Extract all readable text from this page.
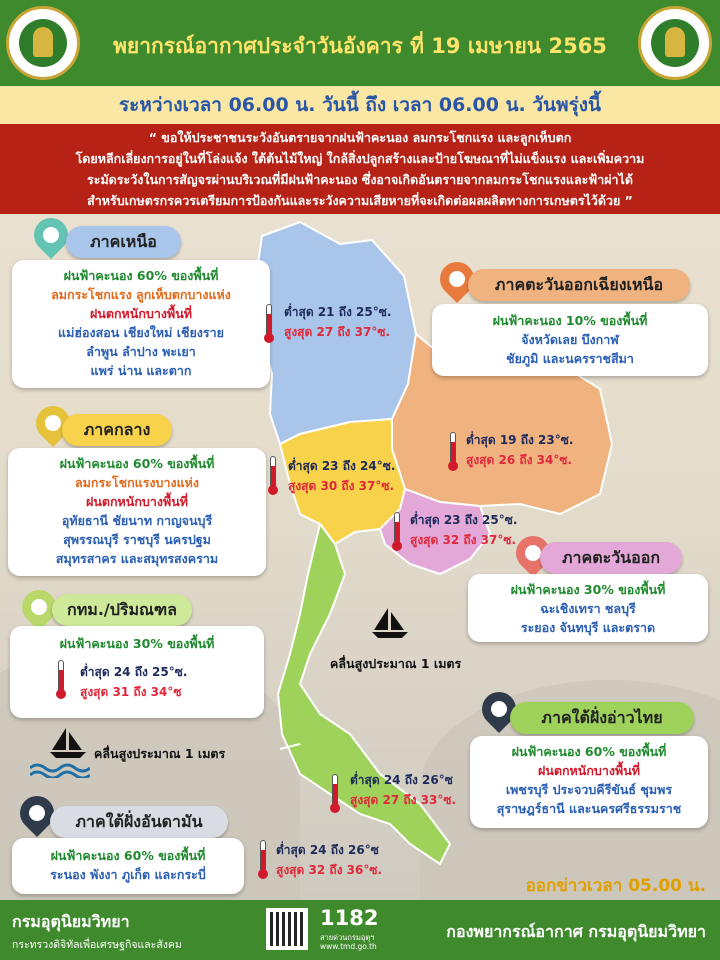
พยากรณ์อากาศประจำวันอังคาร ที่ 19 เมษายน 2565
ระหว่างเวลา 06.00 น. วันนี้ ถึง เวลา 06.00 น. วันพรุ่งนี้
“ ขอให้ประชาชนระวังอันตรายจากฝนฟ้าคะนอง ลมกระโชกแรง และลูกเห็บตก
โดยหลีกเลี่ยงการอยู่ในที่โล่งแจ้ง ใต้ต้นไม้ใหญ่ ใกล้สิ่งปลูกสร้างและป้ายโฆษณาที่ไม่แข็งแรง และเพิ่มความ
ระมัดระวังในการสัญจรผ่านบริเวณที่มีฝนฟ้าคะนอง ซึ่งอาจเกิดอันตรายจากลมกระโชกแรงและฟ้าผ่าได้
สำหรับเกษตรกรควรเตรียมการป้องกันและระวังความเสียหายที่จะเกิดต่อผลผลิตทางการเกษตรไว้ด้วย ”
ภาคเหนือ
ฝนฟ้าคะนอง 60% ของพื้นที่
ลมกระโชกแรง ลูกเห็บตกบางแห่ง
ฝนตกหนักบางพื้นที่
แม่ฮ่องสอน เชียงใหม่ เชียงราย
ลำพูน ลำปาง พะเยา
แพร่ น่าน และตาก
ต่ำสุด 21 ถึง 25°ซ.
สูงสุด 27 ถึง 37°ซ.
ภาคตะวันออกเฉียงเหนือ
ฝนฟ้าคะนอง 10% ของพื้นที่
จังหวัดเลย บึงกาฬ
ชัยภูมิ และนครราชสีมา
ต่ำสุด 19 ถึง 23°ซ.
สูงสุด 26 ถึง 34°ซ.
ภาคกลาง
ฝนฟ้าคะนอง 60% ของพื้นที่
ลมกระโชกแรงบางแห่ง
ฝนตกหนักบางพื้นที่
อุทัยธานี ชัยนาท กาญจนบุรี
สุพรรณบุรี ราชบุรี นครปฐม
สมุทรสาคร และสมุทรสงคราม
ต่ำสุด 23 ถึง 24°ซ.
สูงสุด 30 ถึง 37°ซ.
ต่ำสุด 23 ถึง 25°ซ.
สูงสุด 32 ถึง 37°ซ.
ภาคตะวันออก
ฝนฟ้าคะนอง 30% ของพื้นที่
ฉะเชิงเทรา ชลบุรี
ระยอง จันทบุรี และตราด
กทม./ปริมณฑล
ฝนฟ้าคะนอง 30% ของพื้นที่
ต่ำสุด 24 ถึง 25°ซ.
สูงสุด 31 ถึง 34°ซ
คลื่นสูงประมาณ 1 เมตร
คลื่นสูงประมาณ 1 เมตร
ภาคใต้ฝั่งอ่าวไทย
ฝนฟ้าคะนอง 60% ของพื้นที่
ฝนตกหนักบางพื้นที่
เพชรบุรี ประจวบคีรีขันธ์ ชุมพร
สุราษฎร์ธานี และนครศรีธรรมราช
ต่ำสุด 24 ถึง 26°ซ
สูงสุด 27 ถึง 33°ซ.
ภาคใต้ฝั่งอันดามัน
ฝนฟ้าคะนอง 60% ของพื้นที่
ระนอง พังงา ภูเก็ต และกระบี่
ต่ำสุด 24 ถึง 26°ซ
สูงสุด 32 ถึง 36°ซ.
ออกข่าวเวลา 05.00 น.
กรมอุตุนิยมวิทยา
กระทรวงดิจิทัลเพื่อเศรษฐกิจและสังคม
1182
สายด่วนกรมอุตุฯ
www.tmd.go.th
กองพยากรณ์อากาศ กรมอุตุนิยมวิทยา
